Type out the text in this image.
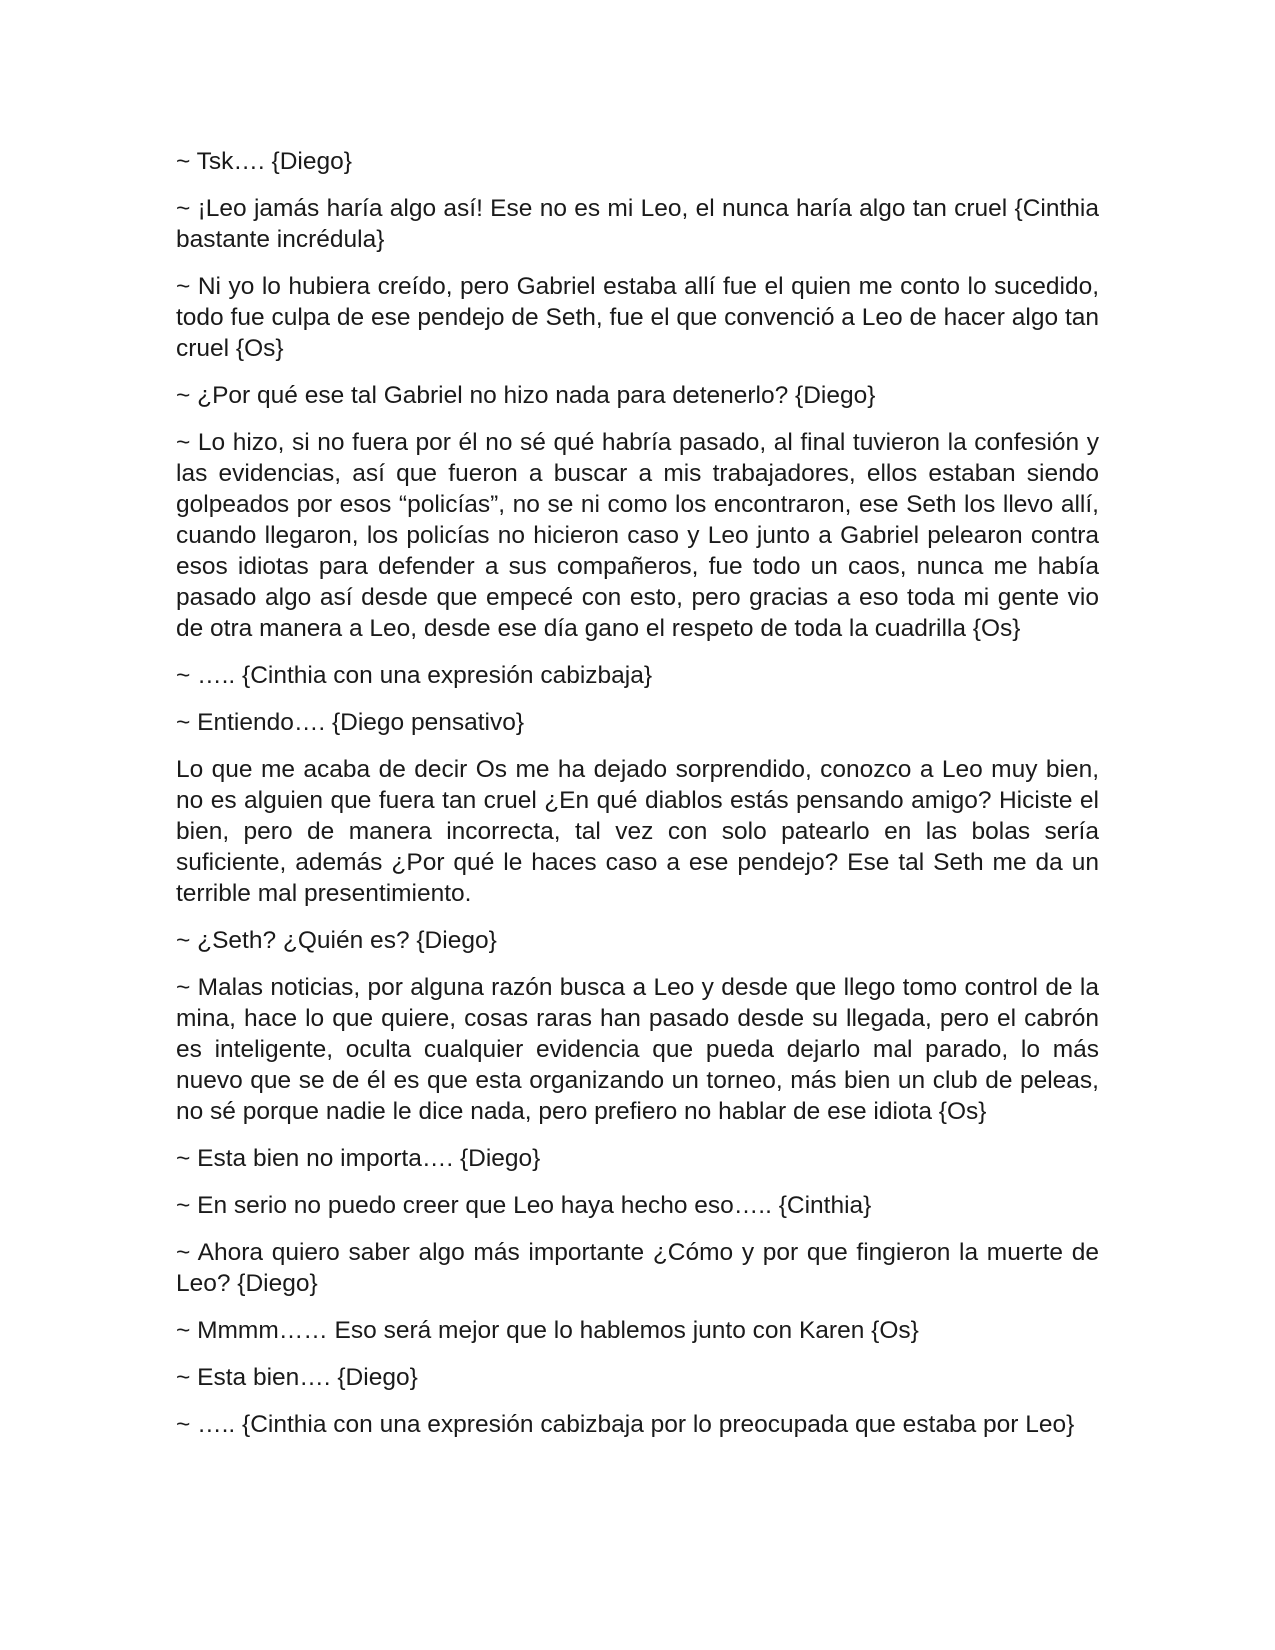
~ Tsk…. {Diego}

~ ¡Leo jamás haría algo así! Ese no es mi Leo, el nunca haría algo tan cruel {Cinthia bastante incrédula}

~ Ni yo lo hubiera creído, pero Gabriel estaba allí fue el quien me conto lo sucedido, todo fue culpa de ese pendejo de Seth, fue el que convenció a Leo de hacer algo tan cruel {Os}

~ ¿Por qué ese tal Gabriel no hizo nada para detenerlo? {Diego}

~ Lo hizo, si no fuera por él no sé qué habría pasado, al final tuvieron la confesión y las evidencias, así que fueron a buscar a mis trabajadores, ellos estaban siendo golpeados por esos “policías”, no se ni como los encontraron, ese Seth los llevo allí, cuando llegaron, los policías no hicieron caso y Leo junto a Gabriel pelearon contra esos idiotas para defender a sus compañeros, fue todo un caos, nunca me había pasado algo así desde que empecé con esto, pero gracias a eso toda mi gente vio de otra manera a Leo, desde ese día gano el respeto de toda la cuadrilla {Os}

~ ….. {Cinthia con una expresión cabizbaja}

~ Entiendo…. {Diego pensativo}

Lo que me acaba de decir Os me ha dejado sorprendido, conozco a Leo muy bien, no es alguien que fuera tan cruel ¿En qué diablos estás pensando amigo? Hiciste el bien, pero de manera incorrecta, tal vez con solo patearlo en las bolas sería suficiente, además ¿Por qué le haces caso a ese pendejo? Ese tal Seth me da un terrible mal presentimiento.

~ ¿Seth? ¿Quién es? {Diego}

~ Malas noticias, por alguna razón busca a Leo y desde que llego tomo control de la mina, hace lo que quiere, cosas raras han pasado desde su llegada, pero el cabrón es inteligente, oculta cualquier evidencia que pueda dejarlo mal parado, lo más nuevo que se de él es que esta organizando un torneo, más bien un club de peleas, no sé porque nadie le dice nada, pero prefiero no hablar de ese idiota {Os}

~ Esta bien no importa…. {Diego}

~ En serio no puedo creer que Leo haya hecho eso….. {Cinthia}

~ Ahora quiero saber algo más importante ¿Cómo y por que fingieron la muerte de Leo? {Diego}

~ Mmmm…… Eso será mejor que lo hablemos junto con Karen {Os}

~ Esta bien…. {Diego}

~ ….. {Cinthia con una expresión cabizbaja por lo preocupada que estaba por Leo}
